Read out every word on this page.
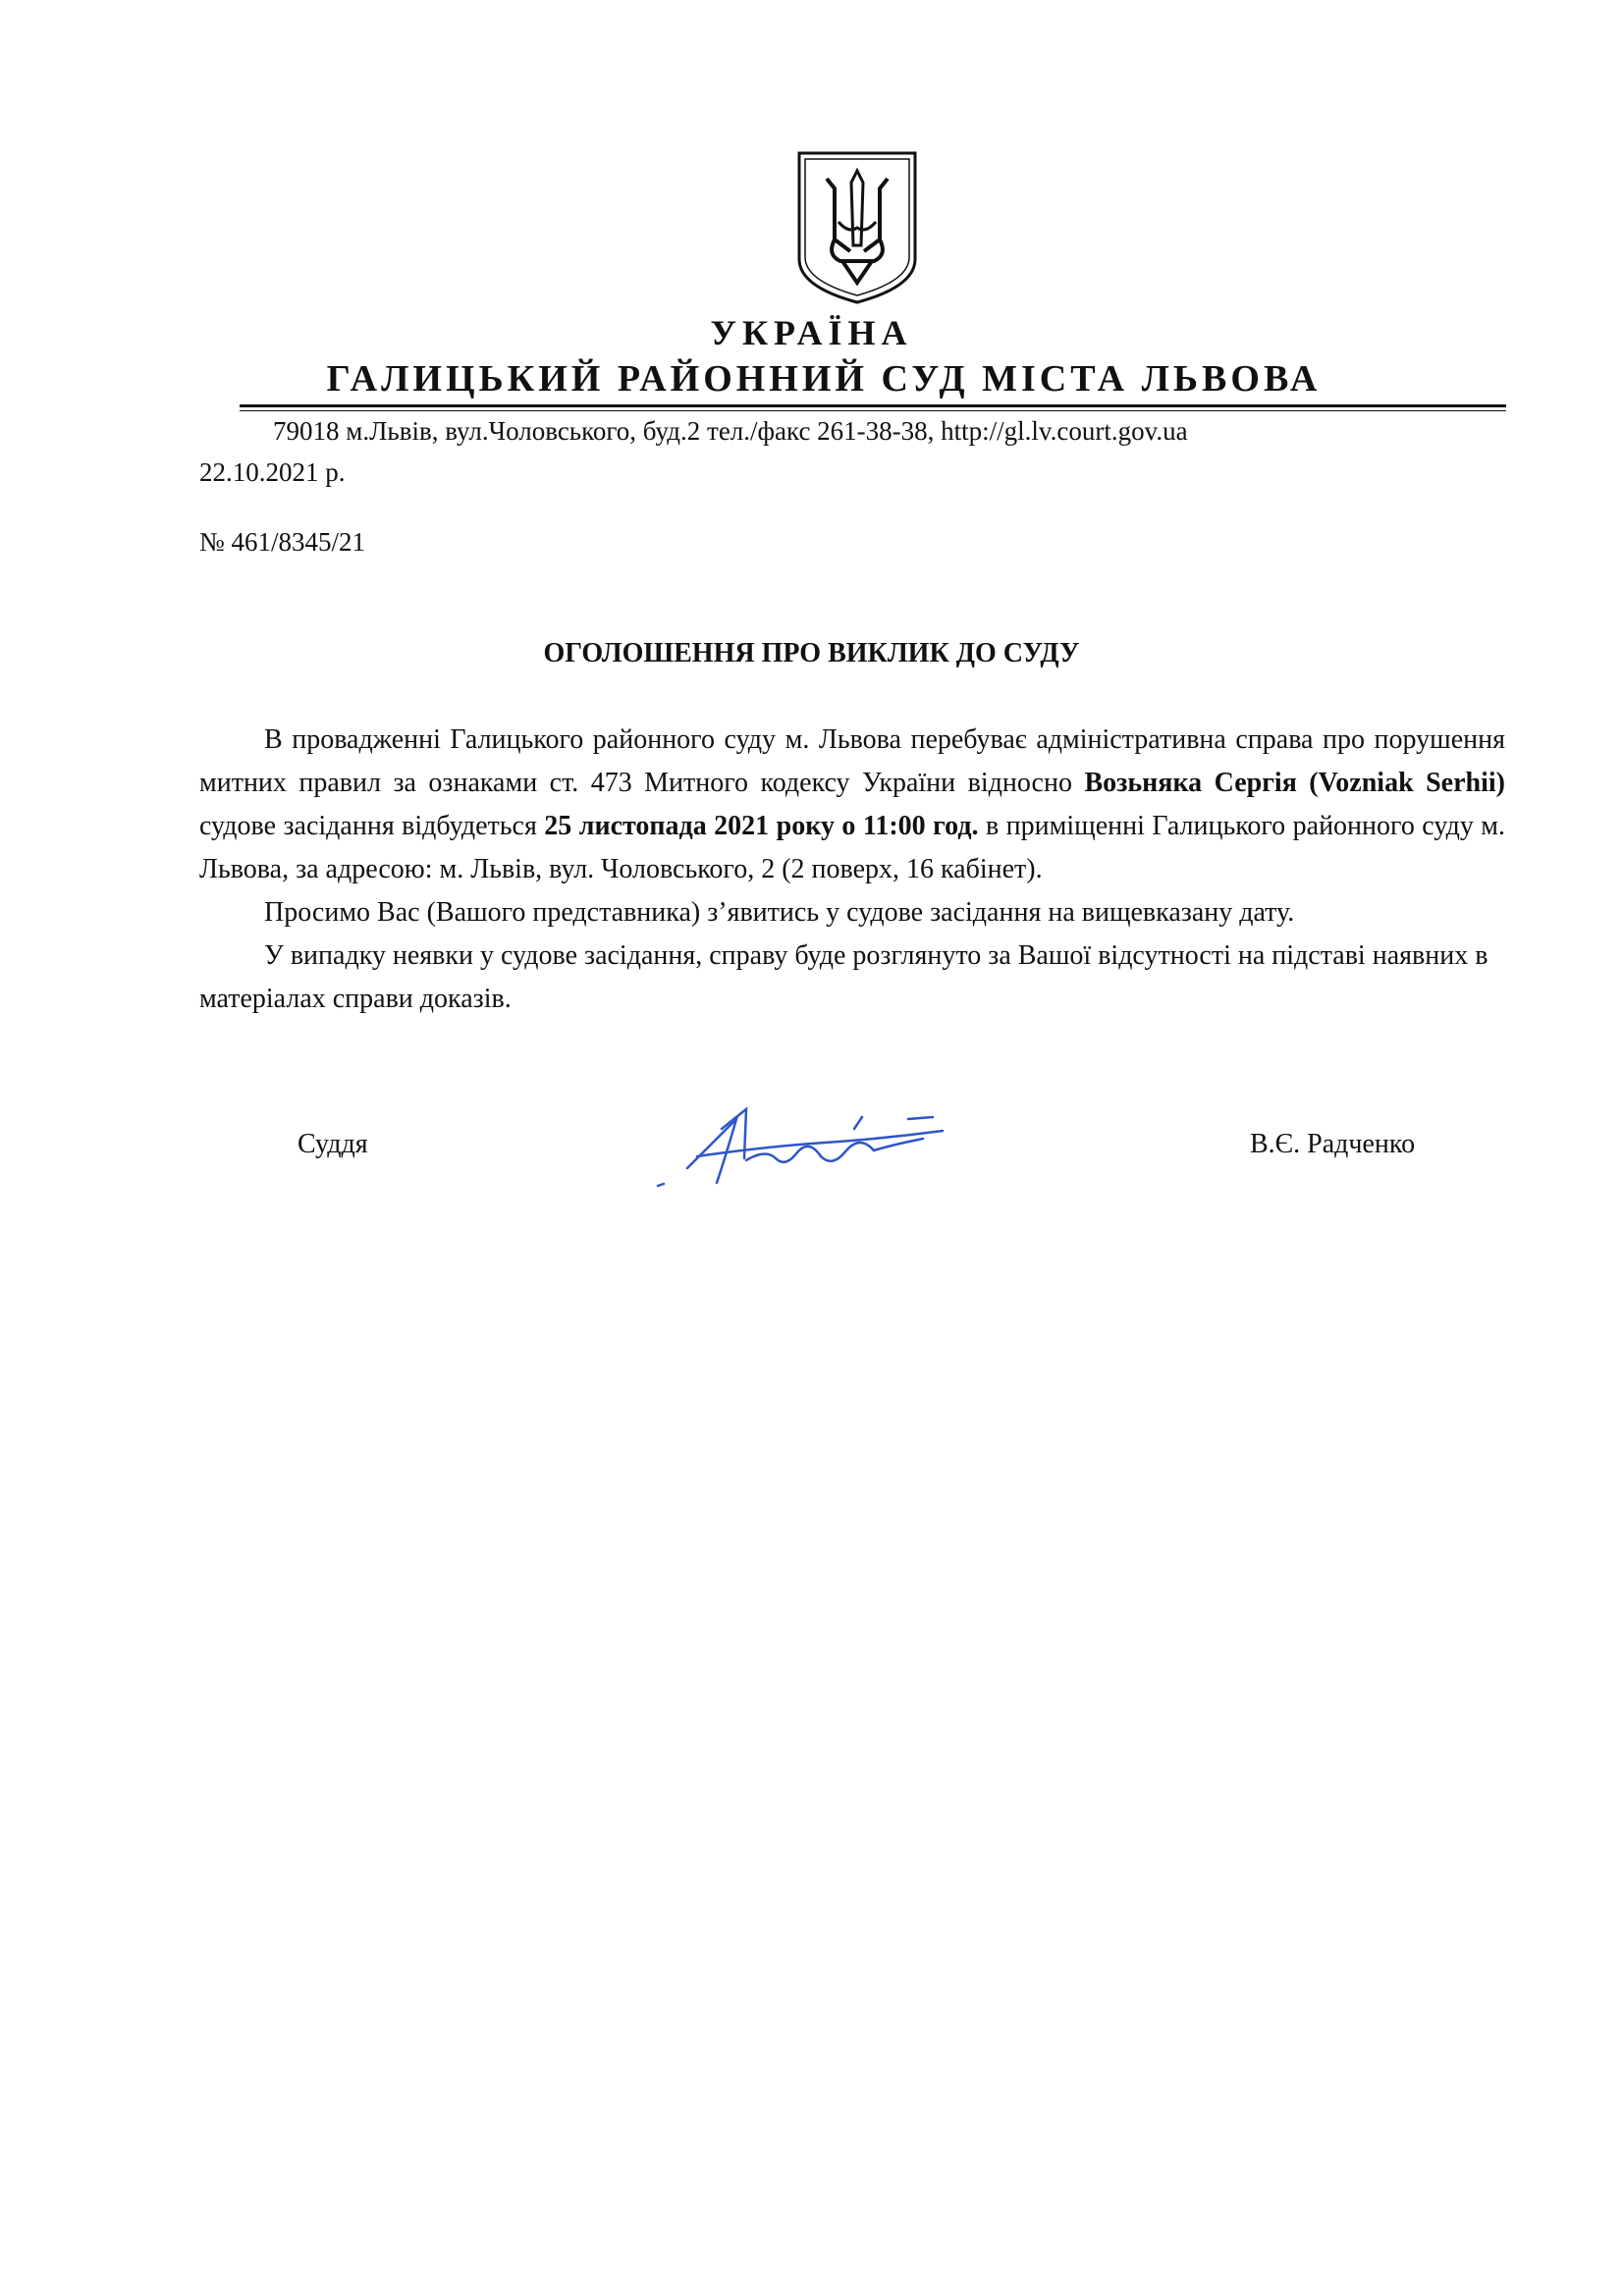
УКРАЇНА
ГАЛИЦЬКИЙ РАЙОННИЙ СУД МІСТА ЛЬВОВА
79018 м.Львів, вул.Чоловського, буд.2 тел./факс 261-38-38, http://gl.lv.court.gov.ua
22.10.2021 р.
№ 461/8345/21
ОГОЛОШЕННЯ ПРО ВИКЛИК ДО СУДУ

В провадженні Галицького районного суду м. Львова перебуває адміністративна справа про порушення митних правил за ознаками ст. 473 Митного кодексу України відносно Возьняка Сергія (Vozniak Serhii) судове засідання відбудеться 25 листопада 2021 року о 11:00 год. в приміщенні Галицького районного суду м. Львова, за адресою: м. Львів, вул. Чоловського, 2 (2 поверх, 16 кабінет).

Просимо Вас (Вашого представника) з’явитись у судове засідання на вищевказану дату.

У випадку неявки у судове засідання, справу буде розглянуто за Вашої відсутності на підставі наявних в матеріалах справи доказів.

Суддя	В.Є. Радченко
